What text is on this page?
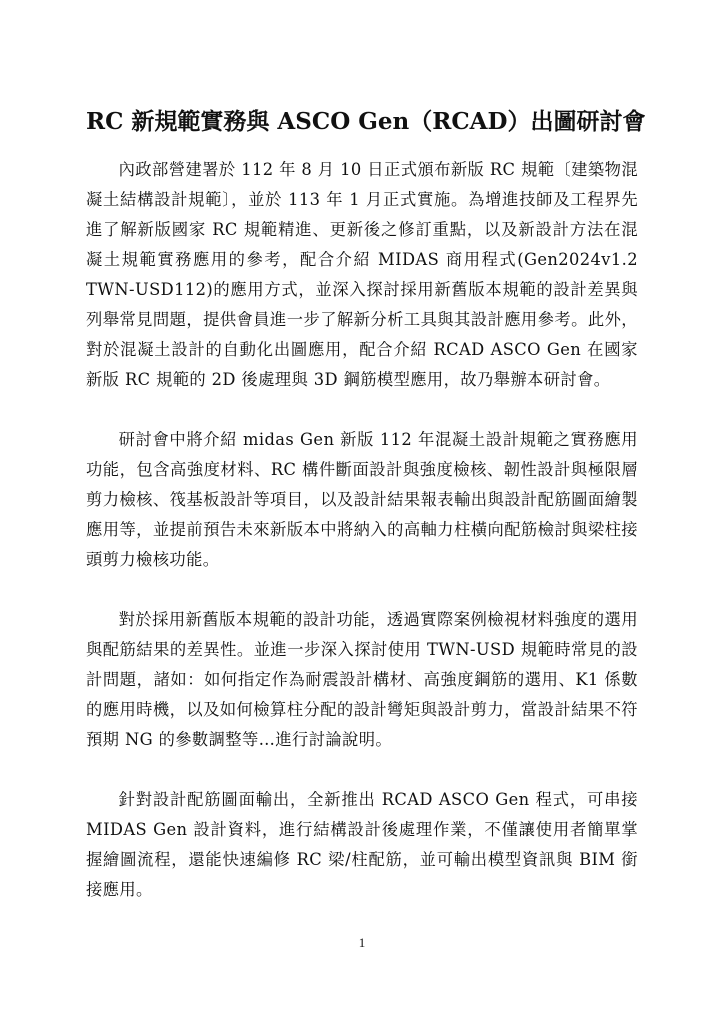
RC 新規範實務與 ASCO Gen（RCAD）出圖研討會

內政部營建署於 112 年 8 月 10 日正式頒布新版 RC 規範〔建築物混凝土結構設計規範〕，並於 113 年 1 月正式實施。為增進技師及工程界先進了解新版國家 RC 規範精進、更新後之修訂重點，以及新設計方法在混凝土規範實務應用的參考，配合介紹 MIDAS 商用程式(Gen2024v1.2 TWN-USD112)的應用方式，並深入探討採用新舊版本規範的設計差異與列舉常見問題，提供會員進一步了解新分析工具與其設計應用參考。此外，對於混凝土設計的自動化出圖應用，配合介紹 RCAD ASCO Gen 在國家新版 RC 規範的 2D 後處理與 3D 鋼筋模型應用，故乃舉辦本研討會。

研討會中將介紹 midas Gen 新版 112 年混凝土設計規範之實務應用功能，包含高強度材料、RC 構件斷面設計與強度檢核、韌性設計與極限層剪力檢核、筏基板設計等項目，以及設計結果報表輸出與設計配筋圖面繪製應用等，並提前預告未來新版本中將納入的高軸力柱橫向配筋檢討與梁柱接頭剪力檢核功能。

對於採用新舊版本規範的設計功能，透過實際案例檢視材料強度的選用與配筋結果的差異性。並進一步深入探討使用 TWN-USD 規範時常見的設計問題，諸如：如何指定作為耐震設計構材、高強度鋼筋的選用、K1 係數的應用時機，以及如何檢算柱分配的設計彎矩與設計剪力，當設計結果不符預期 NG 的參數調整等…進行討論說明。

針對設計配筋圖面輸出，全新推出 RCAD ASCO Gen 程式，可串接 MIDAS Gen 設計資料，進行結構設計後處理作業，不僅讓使用者簡單掌握繪圖流程，還能快速編修 RC 梁/柱配筋，並可輸出模型資訊與 BIM 銜接應用。

1
